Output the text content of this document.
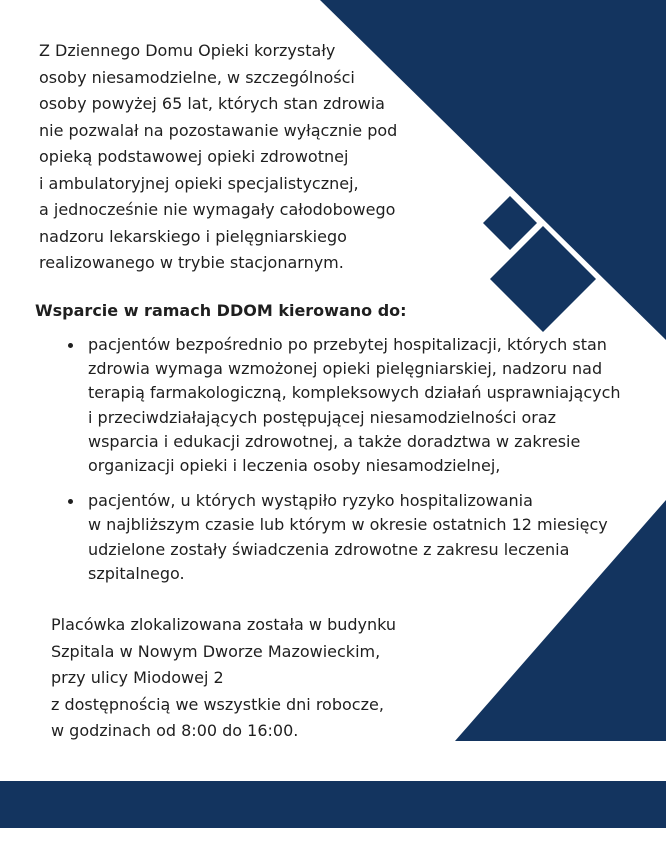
Z Dziennego Domu Opieki korzystały
osoby niesamodzielne, w szczególności
osoby powyżej 65 lat, których stan zdrowia
nie pozwalał na pozostawanie wyłącznie pod
opieką podstawowej opieki zdrowotnej
i ambulatoryjnej opieki specjalistycznej,
a jednocześnie nie wymagały całodobowego
nadzoru lekarskiego i pielęgniarskiego
realizowanego w trybie stacjonarnym.
Wsparcie w ramach DDOM kierowano do:
pacjentów bezpośrednio po przebytej hospitalizacji, których stan
zdrowia wymaga wzmożonej opieki pielęgniarskiej, nadzoru nad
terapią farmakologiczną, kompleksowych działań usprawniających
i przeciwdziałających postępującej niesamodzielności oraz
wsparcia i edukacji zdrowotnej, a także doradztwa w zakresie
organizacji opieki i leczenia osoby niesamodzielnej,
pacjentów, u których wystąpiło ryzyko hospitalizowania
w najbliższym czasie lub którym w okresie ostatnich 12 miesięcy
udzielone zostały świadczenia zdrowotne z zakresu leczenia
szpitalnego.
Placówka zlokalizowana została w budynku
Szpitala w Nowym Dworze Mazowieckim,
przy ulicy Miodowej 2
z dostępnością we wszystkie dni robocze,
w godzinach od 8:00 do 16:00.
